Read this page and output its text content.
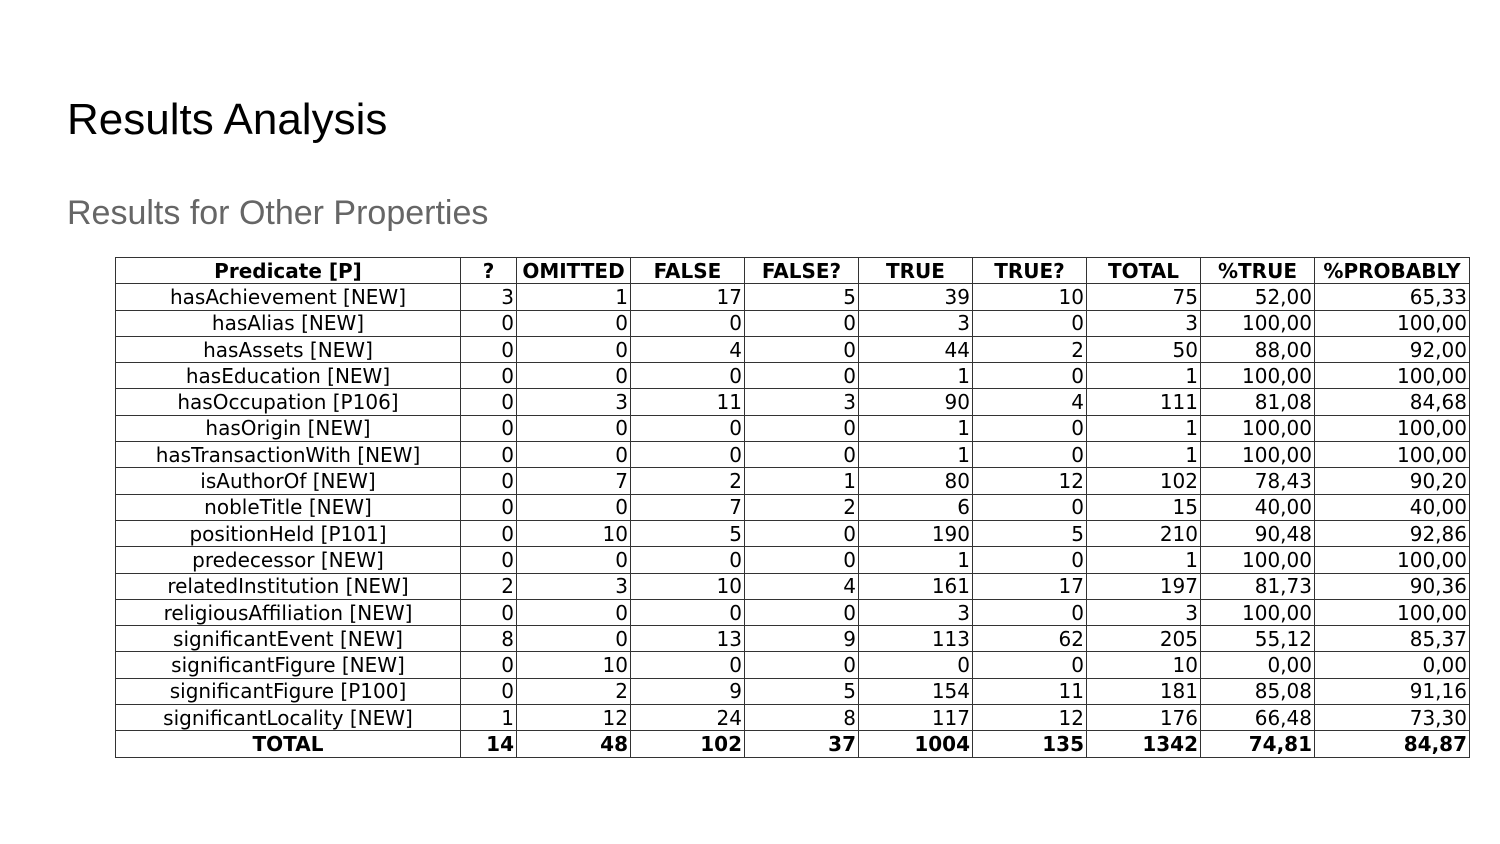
Results Analysis
Results for Other Properties
Predicate [P]	?	OMITTED	FALSE	FALSE?	TRUE	TRUE?	TOTAL	%TRUE	%PROBABLY
hasAchievement [NEW]	3	1	17	5	39	10	75	52,00	65,33
hasAlias [NEW]	0	0	0	0	3	0	3	100,00	100,00
hasAssets [NEW]	0	0	4	0	44	2	50	88,00	92,00
hasEducation [NEW]	0	0	0	0	1	0	1	100,00	100,00
hasOccupation [P106]	0	3	11	3	90	4	111	81,08	84,68
hasOrigin [NEW]	0	0	0	0	1	0	1	100,00	100,00
hasTransactionWith [NEW]	0	0	0	0	1	0	1	100,00	100,00
isAuthorOf [NEW]	0	7	2	1	80	12	102	78,43	90,20
nobleTitle [NEW]	0	0	7	2	6	0	15	40,00	40,00
positionHeld [P101]	0	10	5	0	190	5	210	90,48	92,86
predecessor [NEW]	0	0	0	0	1	0	1	100,00	100,00
relatedInstitution [NEW]	2	3	10	4	161	17	197	81,73	90,36
religiousAffiliation [NEW]	0	0	0	0	3	0	3	100,00	100,00
significantEvent [NEW]	8	0	13	9	113	62	205	55,12	85,37
significantFigure [NEW]	0	10	0	0	0	0	10	0,00	0,00
significantFigure [P100]	0	2	9	5	154	11	181	85,08	91,16
significantLocality [NEW]	1	12	24	8	117	12	176	66,48	73,30
TOTAL	14	48	102	37	1004	135	1342	74,81	84,87
